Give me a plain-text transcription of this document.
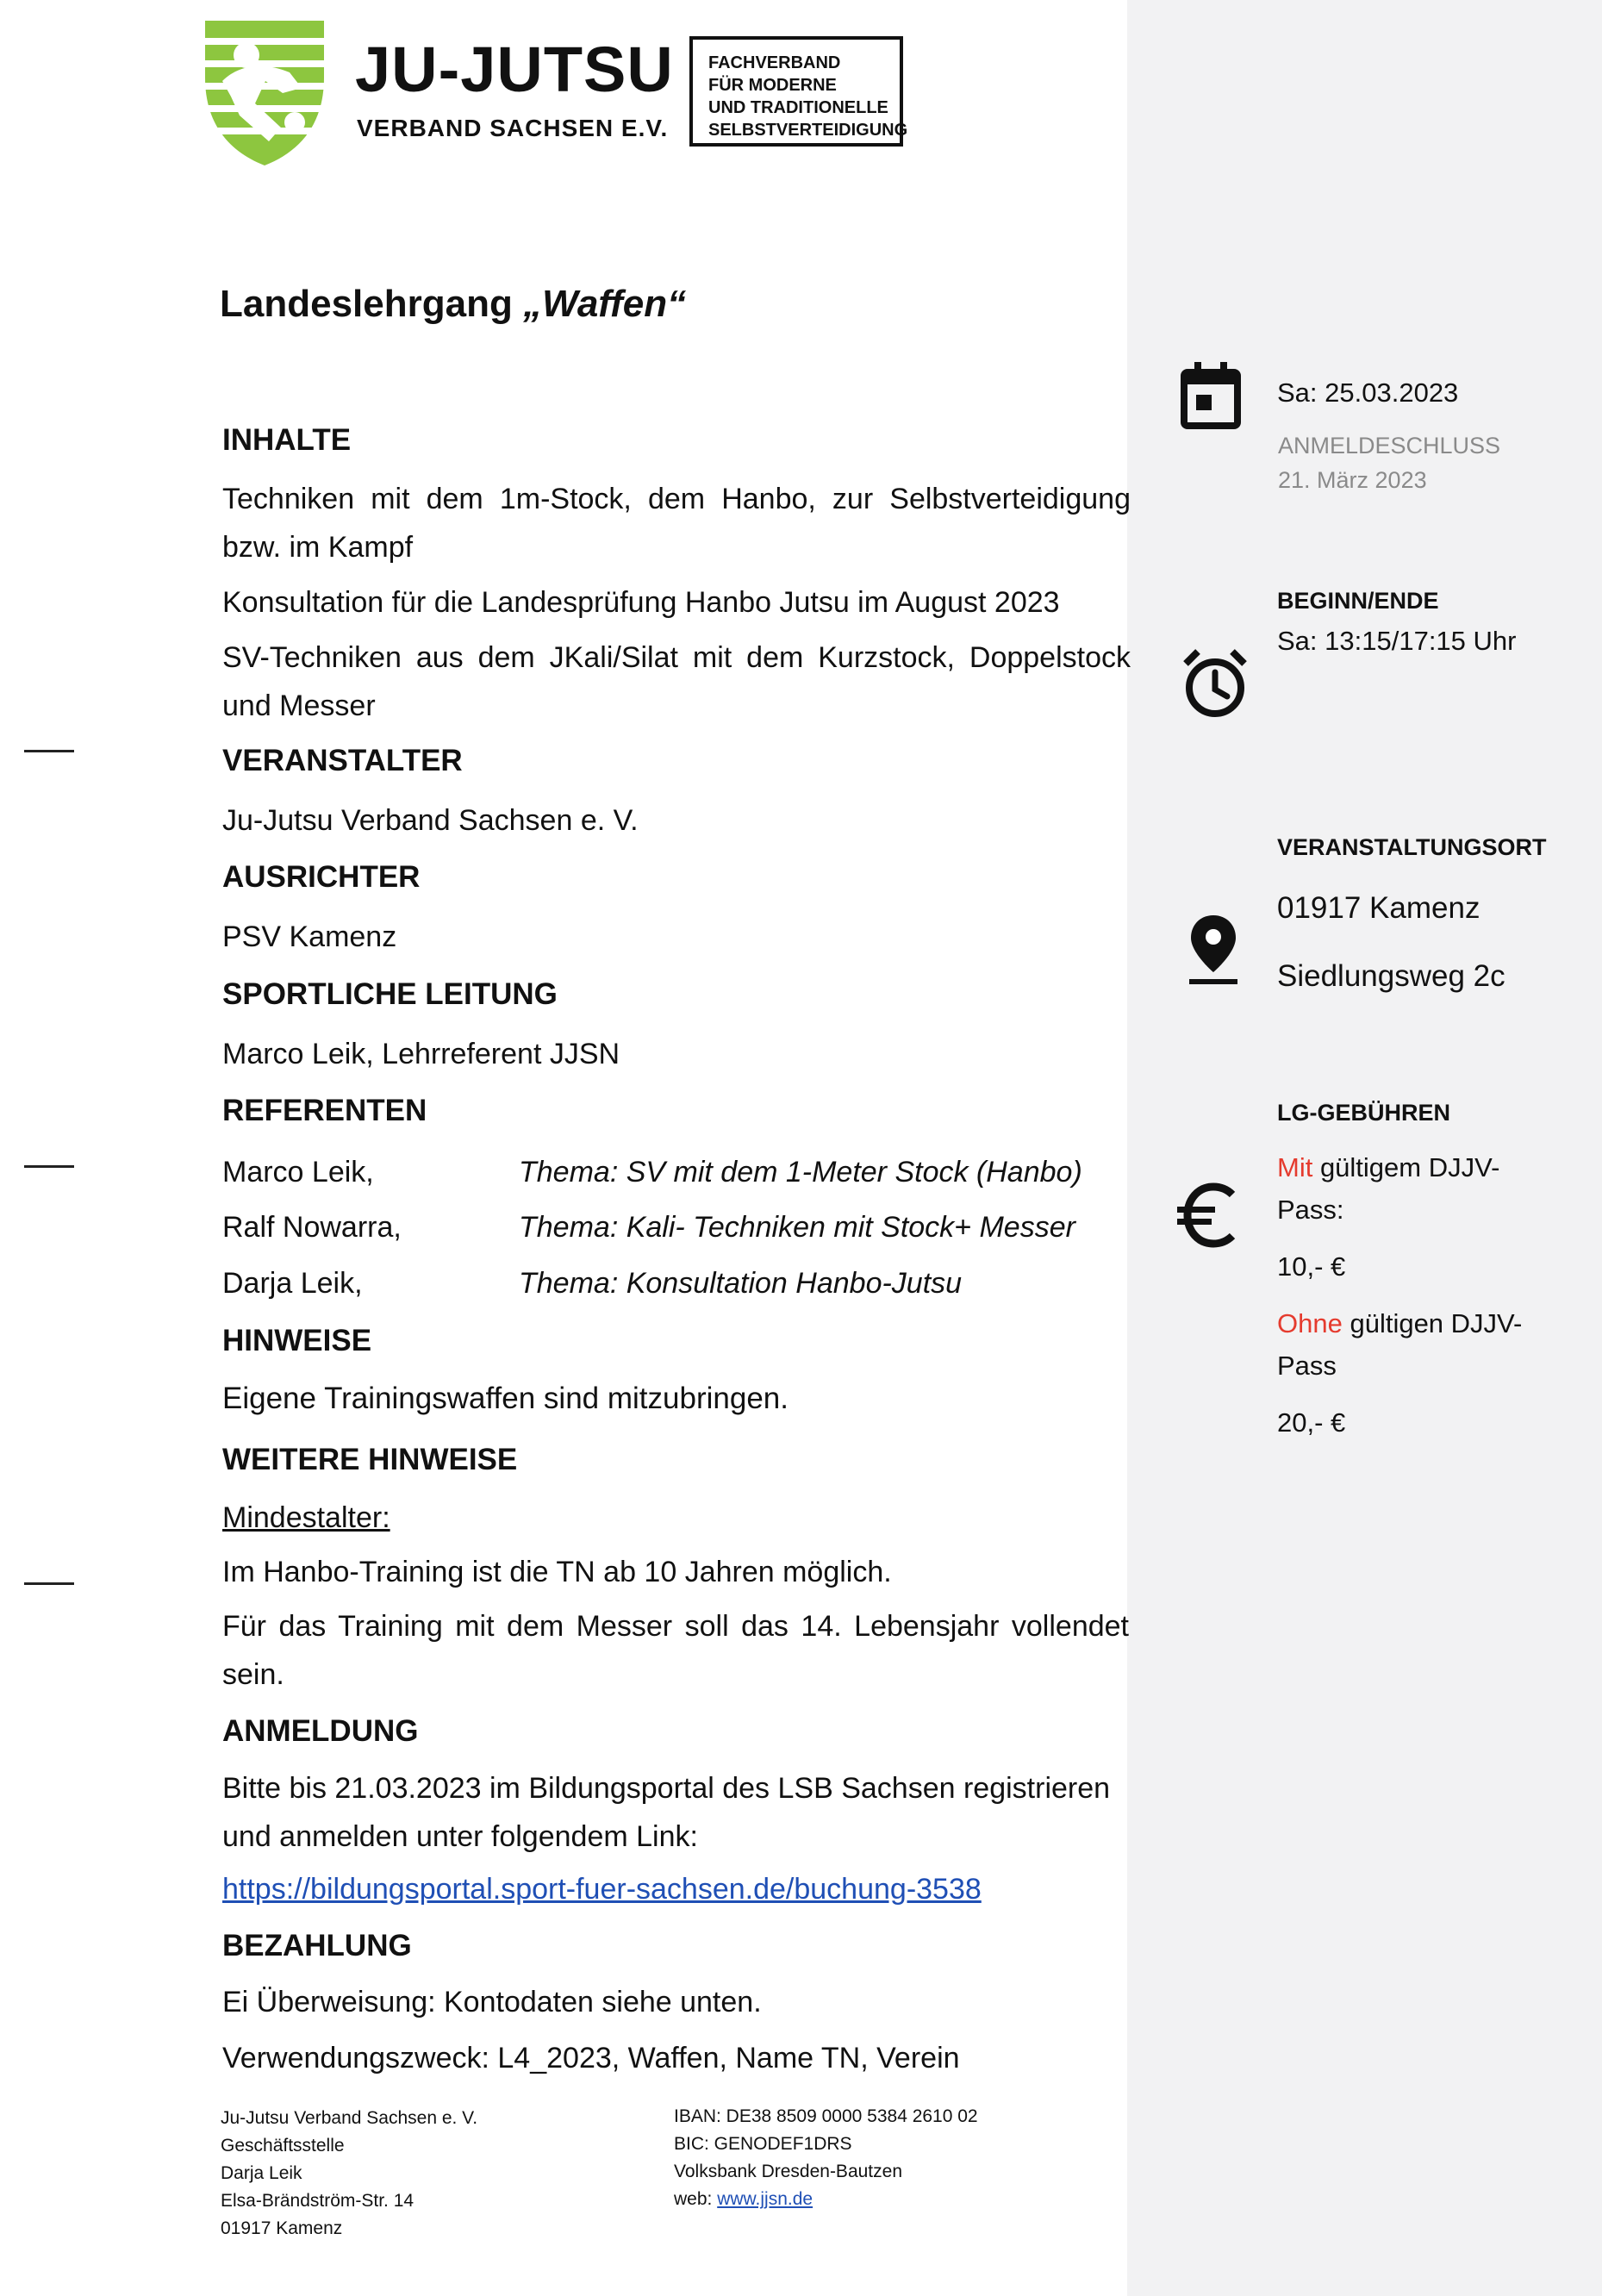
JU-JUTSU
VERBAND SACHSEN E.V.
FACHVERBAND
FÜR MODERNE
UND TRADITIONELLE
SELBSTVERTEIDIGUNG
Landeslehrgang „Waffen“
INHALTE
Techniken mit dem 1m-Stock, dem Hanbo, zur Selbstverteidigung bzw. im Kampf
Konsultation für die Landesprüfung Hanbo Jutsu im August 2023
SV-Techniken aus dem JKali/Silat mit dem Kurzstock, Doppelstock und Messer
VERANSTALTER
Ju-Jutsu Verband Sachsen e. V.
AUSRICHTER
PSV Kamenz
SPORTLICHE LEITUNG
Marco Leik, Lehrreferent JJSN
REFERENTEN
Marco Leik,	Thema: SV mit dem 1-Meter Stock (Hanbo)
Ralf Nowarra,	Thema: Kali- Techniken mit Stock+ Messer
Darja Leik,	Thema: Konsultation Hanbo-Jutsu
HINWEISE
Eigene Trainingswaffen sind mitzubringen.
WEITERE HINWEISE
Mindestalter:
Im Hanbo-Training ist die TN ab 10 Jahren möglich.
Für das Training mit dem Messer soll das 14. Lebensjahr vollendet sein.
ANMELDUNG
Bitte bis 21.03.2023 im Bildungsportal des LSB Sachsen registrieren und anmelden unter folgendem Link:
https://bildungsportal.sport-fuer-sachsen.de/buchung-3538
BEZAHLUNG
Ei Überweisung: Kontodaten siehe unten.
Verwendungszweck: L4_2023, Waffen, Name TN, Verein
Ju-Jutsu Verband Sachsen e. V.
Geschäftsstelle
Darja Leik
Elsa-Brändström-Str. 14
01917 Kamenz
IBAN: DE38 8509 0000 5384 2610 02
BIC: GENODEF1DRS
Volksbank Dresden-Bautzen
web: www.jjsn.de
Sa: 25.03.2023
ANMELDESCHLUSS
21. März 2023
BEGINN/ENDE
Sa: 13:15/17:15 Uhr
VERANSTALTUNGSORT
01917 Kamenz
Siedlungsweg 2c
LG-GEBÜHREN
Mit gültigem DJJV-
Pass:
10,- €
Ohne gültigen DJJV-
Pass
20,- €
